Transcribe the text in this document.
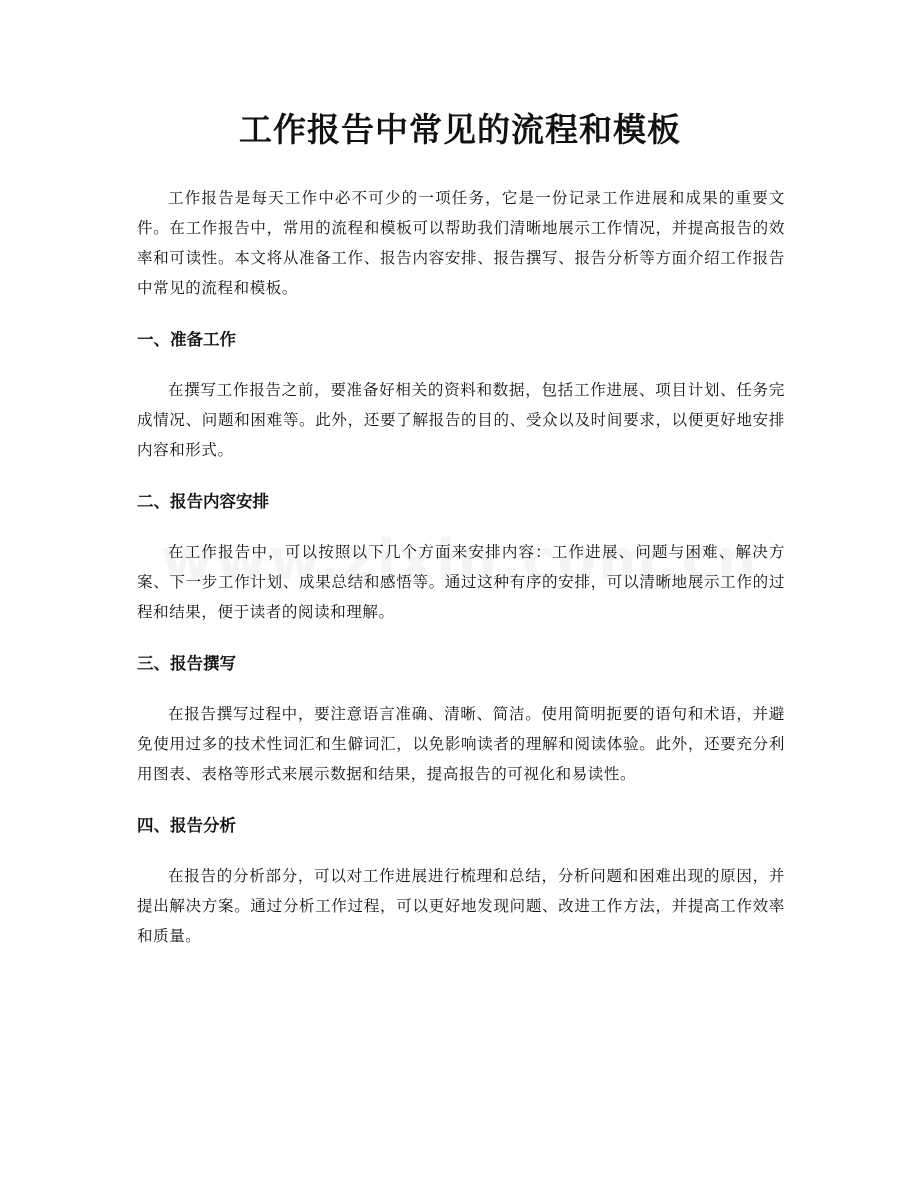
工作报告中常见的流程和模板

工作报告是每天工作中必不可少的一项任务，它是一份记录工作进展和成果的重要文件。在工作报告中，常用的流程和模板可以帮助我们清晰地展示工作情况，并提高报告的效率和可读性。本文将从准备工作、报告内容安排、报告撰写、报告分析等方面介绍工作报告中常见的流程和模板。

一、准备工作

在撰写工作报告之前，要准备好相关的资料和数据，包括工作进展、项目计划、任务完成情况、问题和困难等。此外，还要了解报告的目的、受众以及时间要求，以便更好地安排内容和形式。

二、报告内容安排

在工作报告中，可以按照以下几个方面来安排内容：工作进展、问题与困难、解决方案、下一步工作计划、成果总结和感悟等。通过这种有序的安排，可以清晰地展示工作的过程和结果，便于读者的阅读和理解。

三、报告撰写

在报告撰写过程中，要注意语言准确、清晰、简洁。使用简明扼要的语句和术语，并避免使用过多的技术性词汇和生僻词汇，以免影响读者的理解和阅读体验。此外，还要充分利用图表、表格等形式来展示数据和结果，提高报告的可视化和易读性。

四、报告分析

在报告的分析部分，可以对工作进展进行梳理和总结，分析问题和困难出现的原因，并提出解决方案。通过分析工作过程，可以更好地发现问题、改进工作方法，并提高工作效率和质量。
